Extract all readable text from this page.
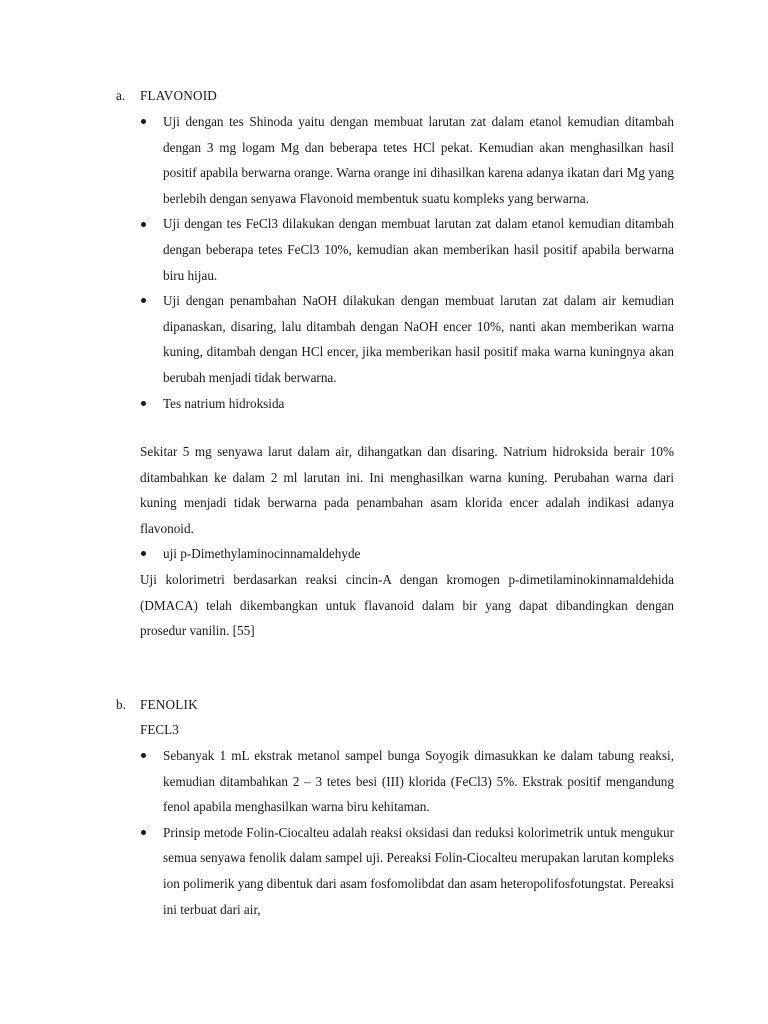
a. FLAVONOID
Uji dengan tes Shinoda yaitu dengan membuat larutan zat dalam etanol kemudian ditambah dengan 3 mg logam Mg dan beberapa tetes HCl pekat. Kemudian akan menghasilkan hasil positif apabila berwarna orange. Warna orange ini dihasilkan karena adanya ikatan dari Mg yang berlebih dengan senyawa Flavonoid membentuk suatu kompleks yang berwarna.
Uji dengan tes FeCl3 dilakukan dengan membuat larutan zat dalam etanol kemudian ditambah dengan beberapa tetes FeCl3 10%, kemudian akan memberikan hasil positif apabila berwarna biru hijau.
Uji dengan penambahan NaOH dilakukan dengan membuat larutan zat dalam air kemudian dipanaskan, disaring, lalu ditambah dengan NaOH encer 10%, nanti akan memberikan warna kuning, ditambah dengan HCl encer, jika memberikan hasil positif maka warna kuningnya akan berubah menjadi tidak berwarna.
Tes natrium hidroksida
Sekitar 5 mg senyawa larut dalam air, dihangatkan dan disaring. Natrium hidroksida berair 10% ditambahkan ke dalam 2 ml larutan ini. Ini menghasilkan warna kuning. Perubahan warna dari kuning menjadi tidak berwarna pada penambahan asam klorida encer adalah indikasi adanya flavonoid.
uji p-Dimethylaminocinnamaldehyde
Uji kolorimetri berdasarkan reaksi cincin-A dengan kromogen p-dimetilaminokinnamaldehida (DMACA) telah dikembangkan untuk flavanoid dalam bir yang dapat dibandingkan dengan prosedur vanilin. [55]
b. FENOLIK
FECL3
Sebanyak 1 mL ekstrak metanol sampel bunga Soyogik dimasukkan ke dalam tabung reaksi, kemudian ditambahkan 2 – 3 tetes besi (III) klorida (FeCl3) 5%. Ekstrak positif mengandung fenol apabila menghasilkan warna biru kehitaman.
Prinsip metode Folin-Ciocalteu adalah reaksi oksidasi dan reduksi kolorimetrik untuk mengukur semua senyawa fenolik dalam sampel uji. Pereaksi Folin-Ciocalteu merupakan larutan kompleks ion polimerik yang dibentuk dari asam fosfomolibdat dan asam heteropolifosfotungstat. Pereaksi ini terbuat dari air,
